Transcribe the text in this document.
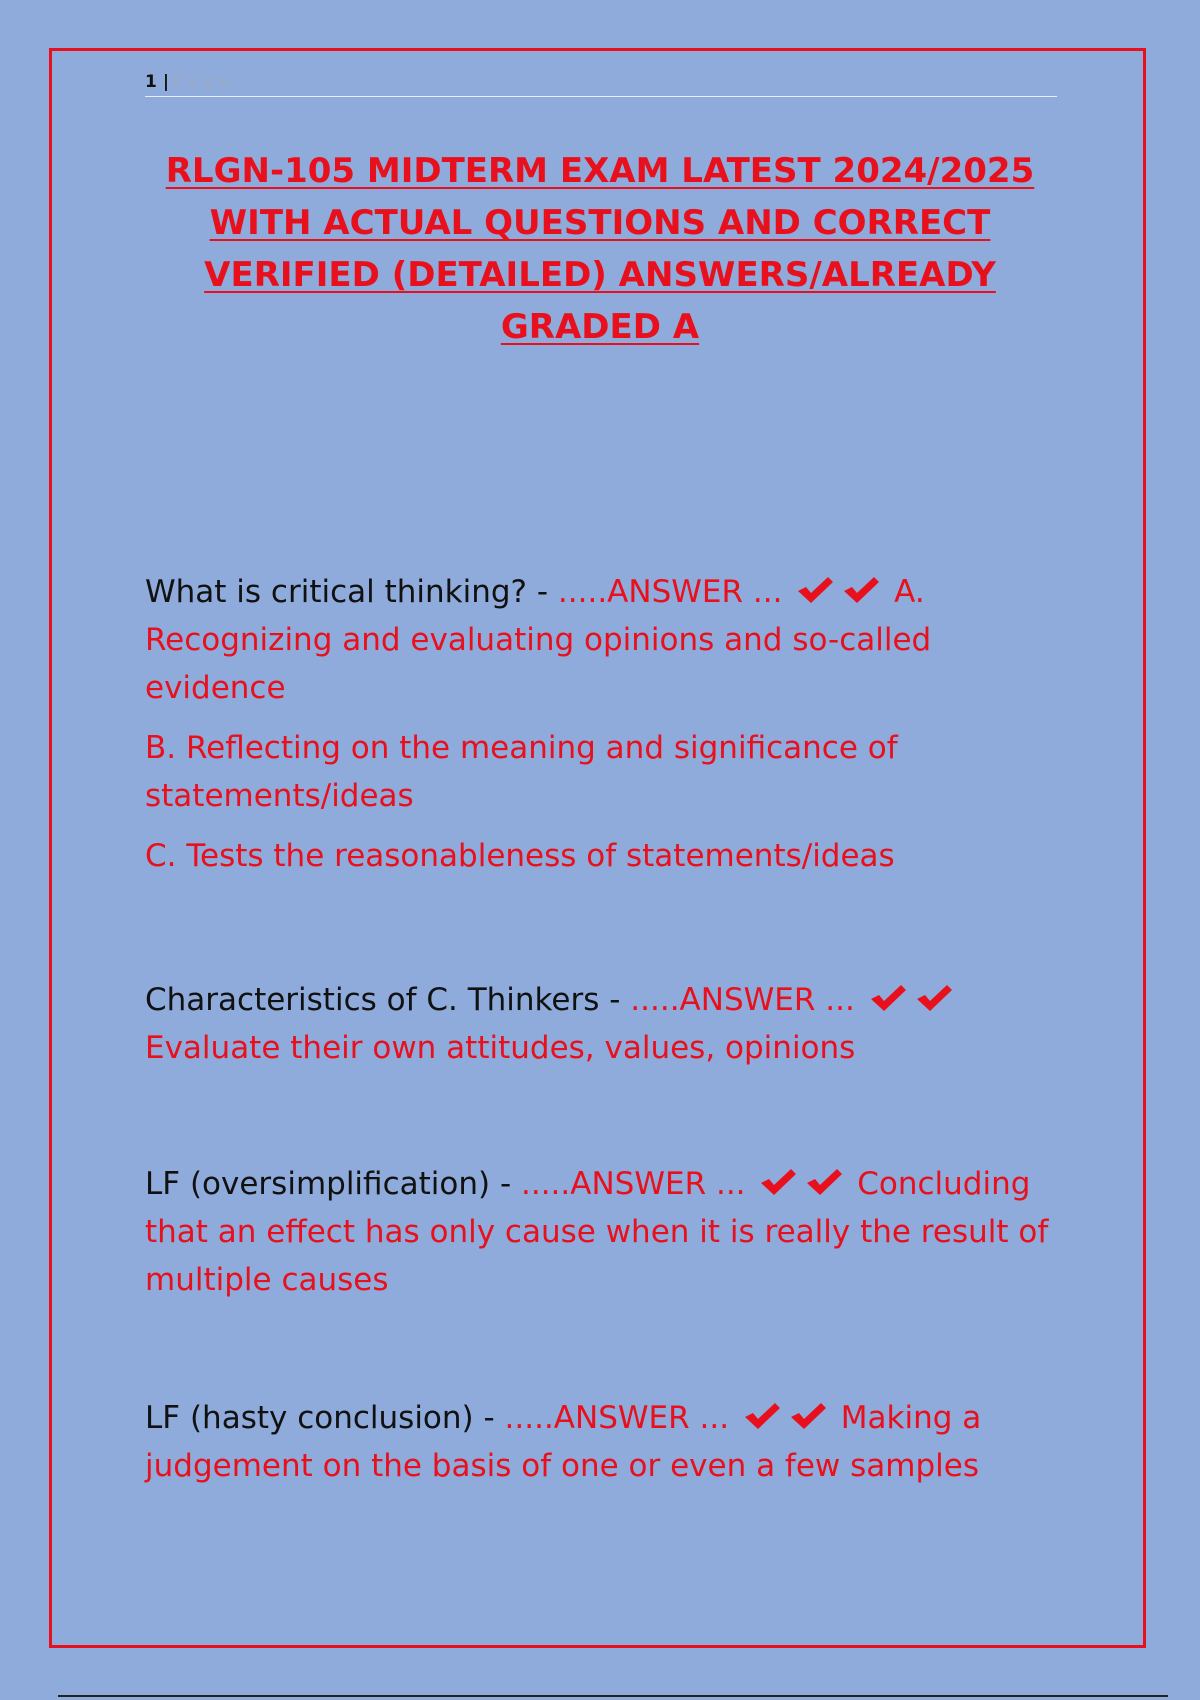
1 | Page
RLGN-105 MIDTERM EXAM LATEST 2024/2025 WITH ACTUAL QUESTIONS AND CORRECT VERIFIED (DETAILED) ANSWERS/ALREADY GRADED A
What is critical thinking? - .....ANSWER ...	A. Recognizing and evaluating opinions and so-called evidence
B. Reflecting on the meaning and significance of statements/ideas
C. Tests the reasonableness of statements/ideas
Characteristics of C. Thinkers - .....ANSWER ...
Evaluate their own attitudes, values, opinions
LF (oversimplification) - .....ANSWER ...	Concluding that an effect has only cause when it is really the result of multiple causes
LF (hasty conclusion) - .....ANSWER ...	Making a judgement on the basis of one or even a few samples
